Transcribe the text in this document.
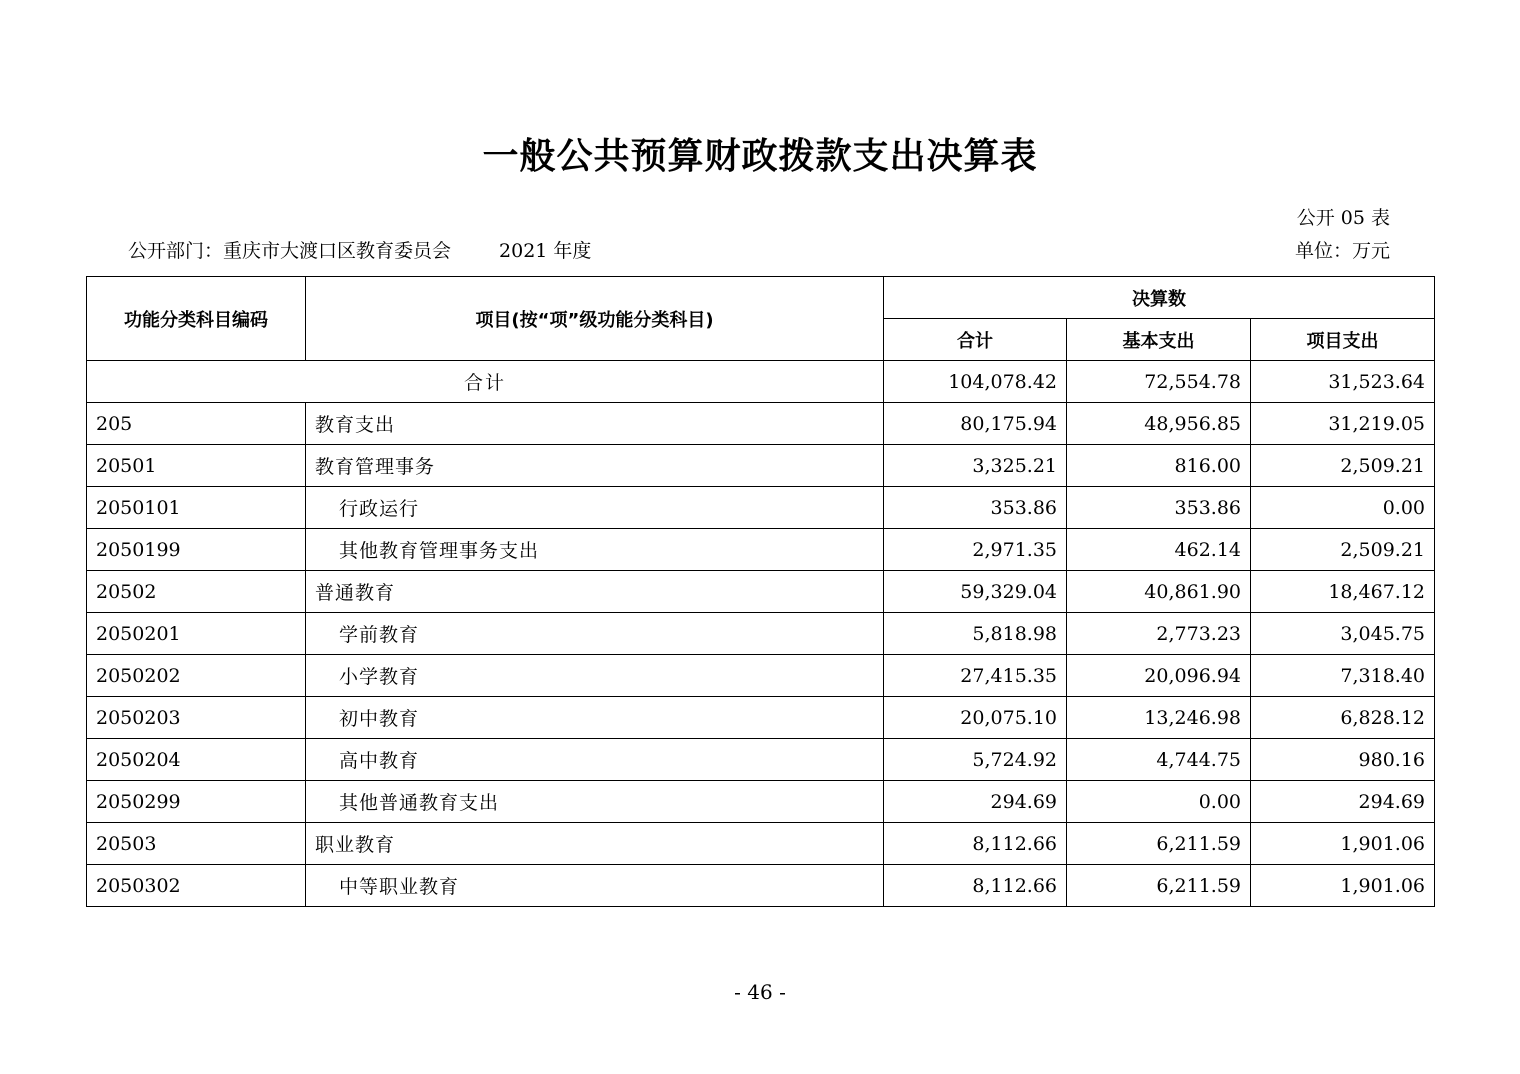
一般公共预算财政拨款支出决算表
公开 05 表
公开部门：重庆市大渡口区教育委员会	2021 年度	单位：万元
功能分类科目编码	项目(按“项”级功能分类科目)	决算数		
		合计	基本支出	项目支出
合计		104,078.42	72,554.78	31,523.64
205	教育支出	80,175.94	48,956.85	31,219.05
20501	教育管理事务	3,325.21	816.00	2,509.21
2050101	行政运行	353.86	353.86	0.00
2050199	其他教育管理事务支出	2,971.35	462.14	2,509.21
20502	普通教育	59,329.04	40,861.90	18,467.12
2050201	学前教育	5,818.98	2,773.23	3,045.75
2050202	小学教育	27,415.35	20,096.94	7,318.40
2050203	初中教育	20,075.10	13,246.98	6,828.12
2050204	高中教育	5,724.92	4,744.75	980.16
2050299	其他普通教育支出	294.69	0.00	294.69
20503	职业教育	8,112.66	6,211.59	1,901.06
2050302	中等职业教育	8,112.66	6,211.59	1,901.06
- 46 -
